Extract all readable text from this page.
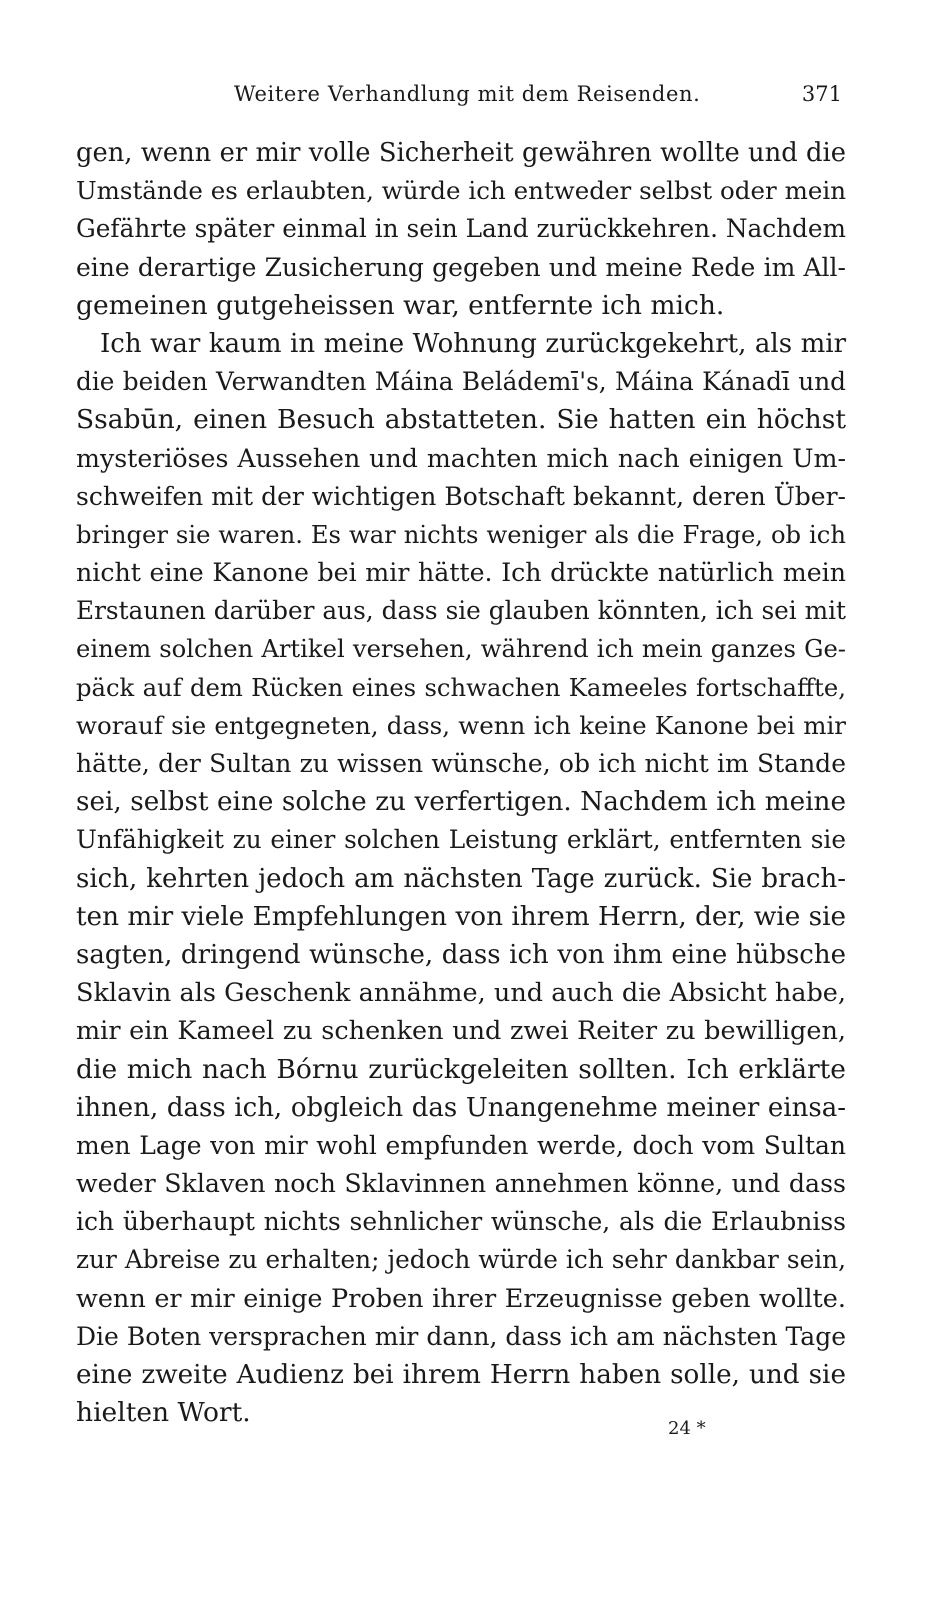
Weitere Verhandlung mit dem Reisenden.	371
gen, wenn er mir volle Sicherheit gewähren wollte und die
Umstände es erlaubten, würde ich entweder selbst oder mein
Gefährte später einmal in sein Land zurückkehren. Nachdem
eine derartige Zusicherung gegeben und meine Rede im All-
gemeinen gutgeheissen war, entfernte ich mich.
Ich war kaum in meine Wohnung zurückgekehrt, als mir
die beiden Verwandten Máina Beládemī's, Máina Kánadī und
Ssabūn, einen Besuch abstatteten. Sie hatten ein höchst
mysteriöses Aussehen und machten mich nach einigen Um-
schweifen mit der wichtigen Botschaft bekannt, deren Über-
bringer sie waren. Es war nichts weniger als die Frage, ob ich
nicht eine Kanone bei mir hätte. Ich drückte natürlich mein
Erstaunen darüber aus, dass sie glauben könnten, ich sei mit
einem solchen Artikel versehen, während ich mein ganzes Ge-
päck auf dem Rücken eines schwachen Kameeles fortschaffte,
worauf sie entgegneten, dass, wenn ich keine Kanone bei mir
hätte, der Sultan zu wissen wünsche, ob ich nicht im Stande
sei, selbst eine solche zu verfertigen. Nachdem ich meine
Unfähigkeit zu einer solchen Leistung erklärt, entfernten sie
sich, kehrten jedoch am nächsten Tage zurück. Sie brach-
ten mir viele Empfehlungen von ihrem Herrn, der, wie sie
sagten, dringend wünsche, dass ich von ihm eine hübsche
Sklavin als Geschenk annähme, und auch die Absicht habe,
mir ein Kameel zu schenken und zwei Reiter zu bewilligen,
die mich nach Bórnu zurückgeleiten sollten. Ich erklärte
ihnen, dass ich, obgleich das Unangenehme meiner einsa-
men Lage von mir wohl empfunden werde, doch vom Sultan
weder Sklaven noch Sklavinnen annehmen könne, und dass
ich überhaupt nichts sehnlicher wünsche, als die Erlaubniss
zur Abreise zu erhalten; jedoch würde ich sehr dankbar sein,
wenn er mir einige Proben ihrer Erzeugnisse geben wollte.
Die Boten versprachen mir dann, dass ich am nächsten Tage
eine zweite Audienz bei ihrem Herrn haben solle, und sie
hielten Wort.
24 *
